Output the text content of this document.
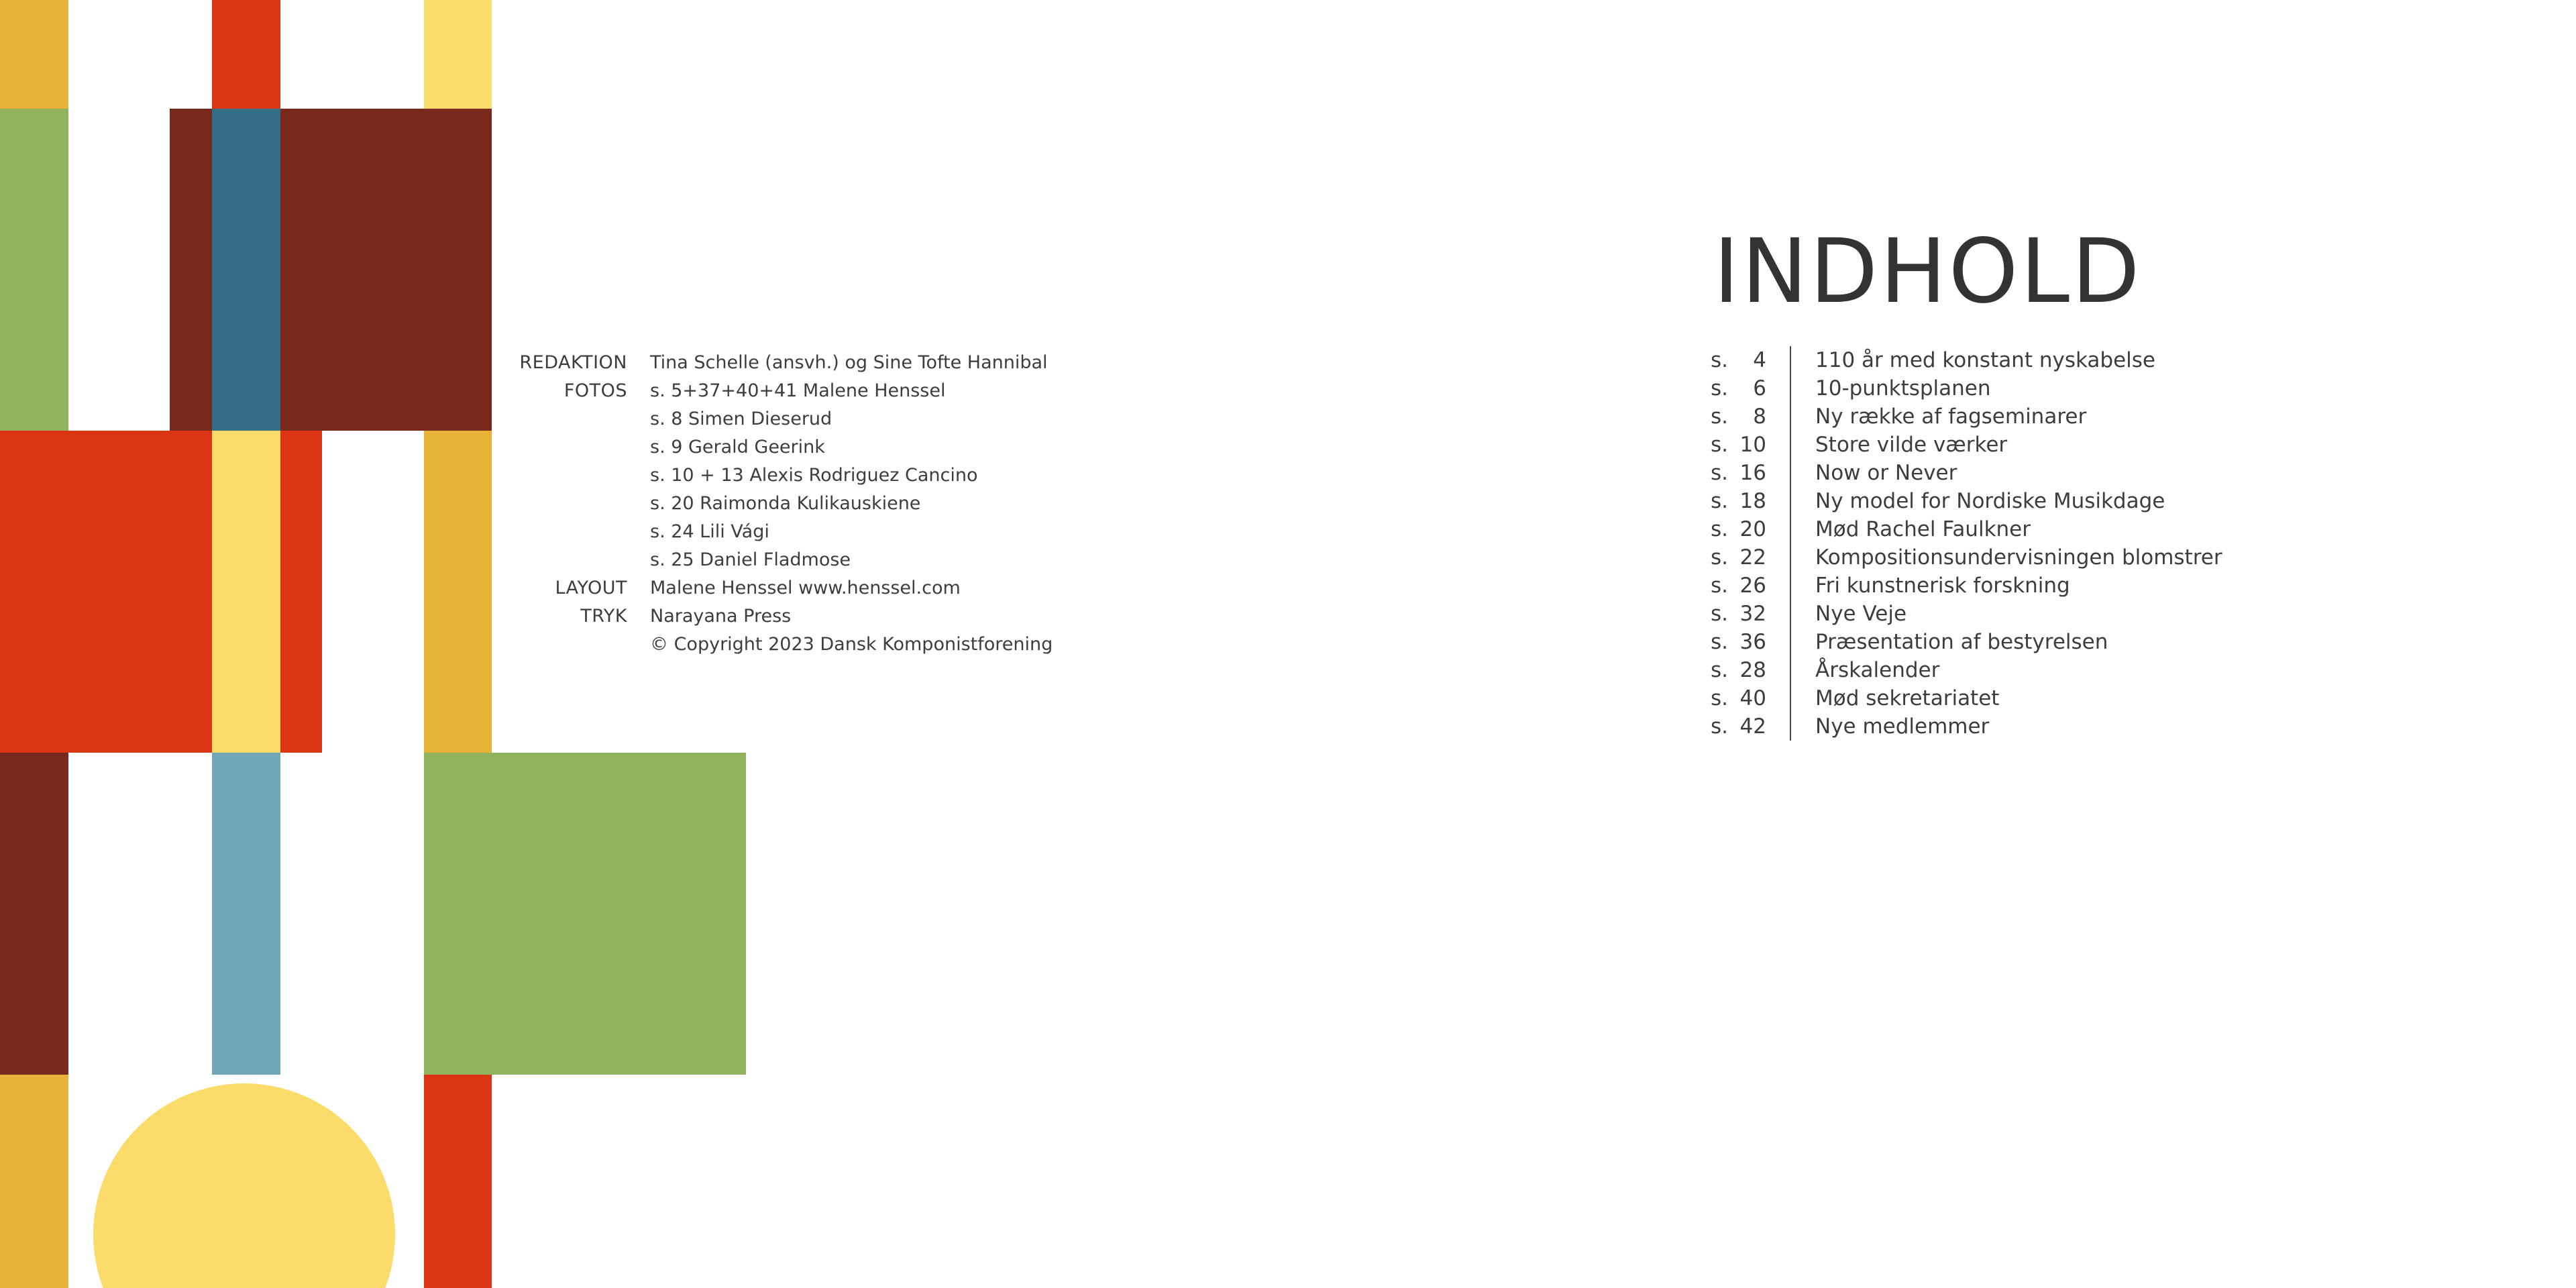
REDAKTION	Tina Schelle (ansvh.) og Sine Tofte Hannibal
FOTOS	s. 5+37+40+41 Malene Henssel
s. 8 Simen Dieserud
s. 9 Gerald Geerink
s. 10 + 13 Alexis Rodriguez Cancino
s. 20 Raimonda Kulikauskiene
s. 24 Lili Vági
s. 25 Daniel Fladmose
LAYOUT	Malene Henssel www.henssel.com
TRYK	Narayana Press
© Copyright 2023 Dansk Komponistforening
INDHOLD
s. 4 110 år med konstant nyskabelse
s. 6 10-punktsplanen
s. 8 Ny række af fagseminarer
s. 10 Store vilde værker
s. 16 Now or Never
s. 18 Ny model for Nordiske Musikdage
s. 20 Mød Rachel Faulkner
s. 22 Kompositionsundervisningen blomstrer
s. 26 Fri kunstnerisk forskning
s. 32 Nye Veje
s. 36 Præsentation af bestyrelsen
s. 28 Årskalender
s. 40 Mød sekretariatet
s. 42 Nye medlemmer
